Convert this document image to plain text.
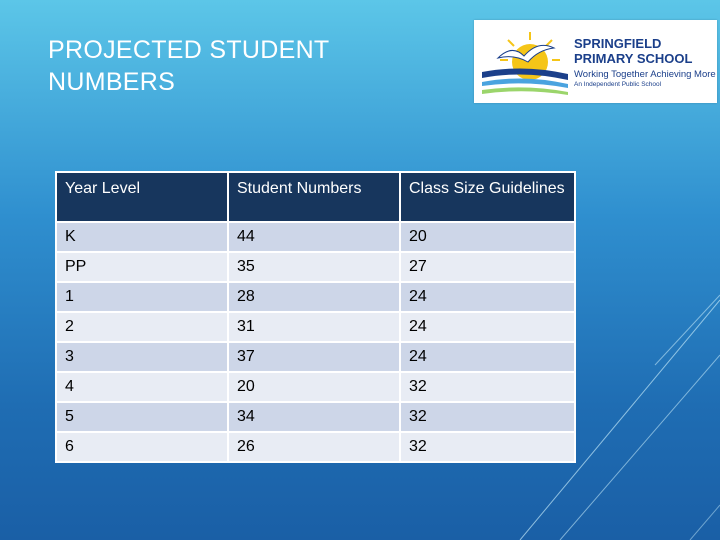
PROJECTED STUDENT
NUMBERS
SPRINGFIELD
PRIMARY SCHOOL
Working Together Achieving More
An Independent Public School
Year Level	Student Numbers	Class Size Guidelines
K	44	20
PP	35	27
1	28	24
2	31	24
3	37	24
4	20	32
5	34	32
6	26	32
